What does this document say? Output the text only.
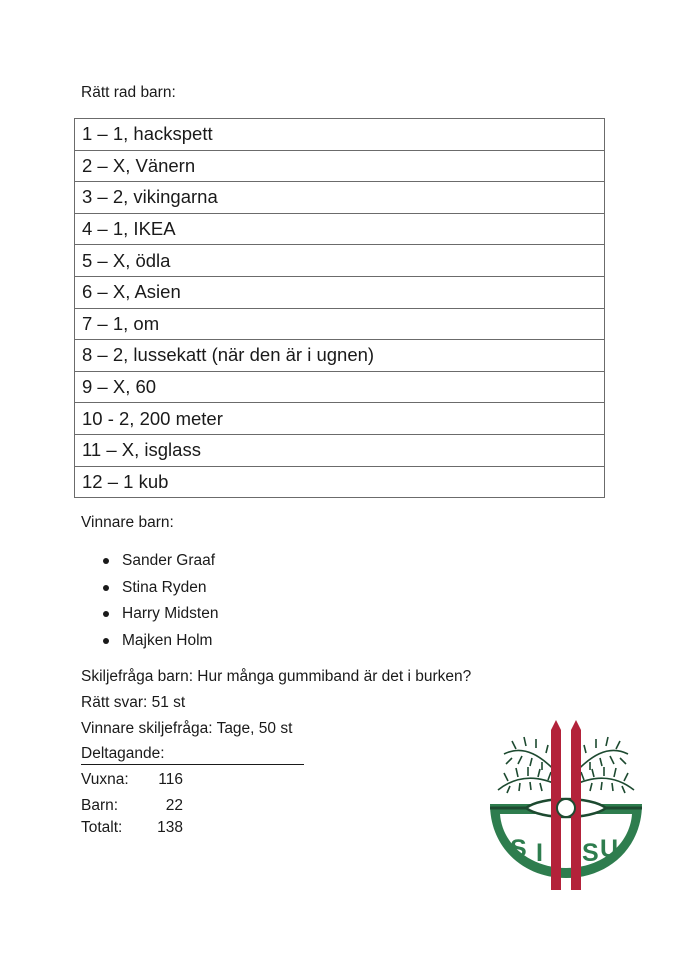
Rätt rad barn:
1 – 1, hackspett
2 – X, Vänern
3 – 2, vikingarna
4 – 1, IKEA
5 – X, ödla
6 – X, Asien
7 – 1, om
8 – 2, lussekatt (när den är i ugnen)
9 – X, 60
10 - 2, 200 meter
11 – X, isglass
12 – 1 kub
Vinnare barn:
Sander Graaf
Stina Ryden
Harry Midsten
Majken Holm
Skiljefråga barn: Hur många gummiband är det i burken?
Rätt svar: 51 st
Vinnare skiljefråga: Tage, 50 st
Deltagande:
Vuxna: 116
Barn:	22
Totalt: 138
S I S U
